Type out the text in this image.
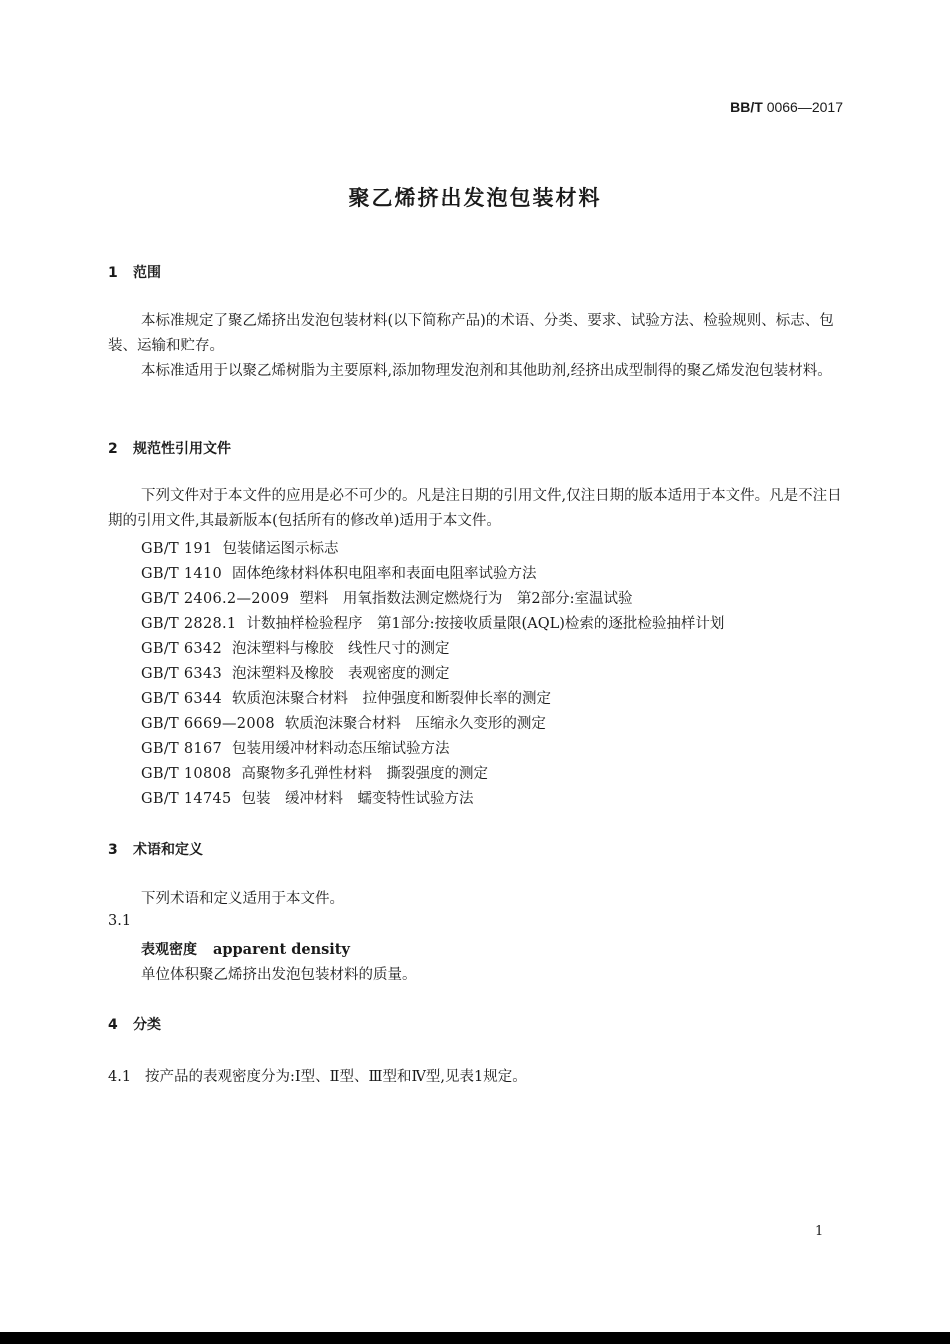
BB/T 0066—2017
聚乙烯挤出发泡包装材料
1 范围
本标准规定了聚乙烯挤出发泡包装材料(以下简称产品)的术语、分类、要求、试验方法、检验规则、标志、包装、运输和贮存。
本标准适用于以聚乙烯树脂为主要原料,添加物理发泡剂和其他助剂,经挤出成型制得的聚乙烯发泡包装材料。
2 规范性引用文件
下列文件对于本文件的应用是必不可少的。凡是注日期的引用文件,仅注日期的版本适用于本文件。凡是不注日期的引用文件,其最新版本(包括所有的修改单)适用于本文件。
GB/T 191 包装储运图示标志
GB/T 1410 固体绝缘材料体积电阻率和表面电阻率试验方法
GB/T 2406.2—2009 塑料　用氧指数法测定燃烧行为　第2部分:室温试验
GB/T 2828.1 计数抽样检验程序　第1部分:按接收质量限(AQL)检索的逐批检验抽样计划
GB/T 6342 泡沫塑料与橡胶　线性尺寸的测定
GB/T 6343 泡沫塑料及橡胶　表观密度的测定
GB/T 6344 软质泡沫聚合材料　拉伸强度和断裂伸长率的测定
GB/T 6669—2008 软质泡沫聚合材料　压缩永久变形的测定
GB/T 8167 包装用缓冲材料动态压缩试验方法
GB/T 10808 高聚物多孔弹性材料　撕裂强度的测定
GB/T 14745 包装　缓冲材料　蠕变特性试验方法
3 术语和定义
下列术语和定义适用于本文件。
3.1
表观密度 apparent density
单位体积聚乙烯挤出发泡包装材料的质量。
4 分类
4.1 按产品的表观密度分为:Ⅰ型、Ⅱ型、Ⅲ型和Ⅳ型,见表1规定。
1
